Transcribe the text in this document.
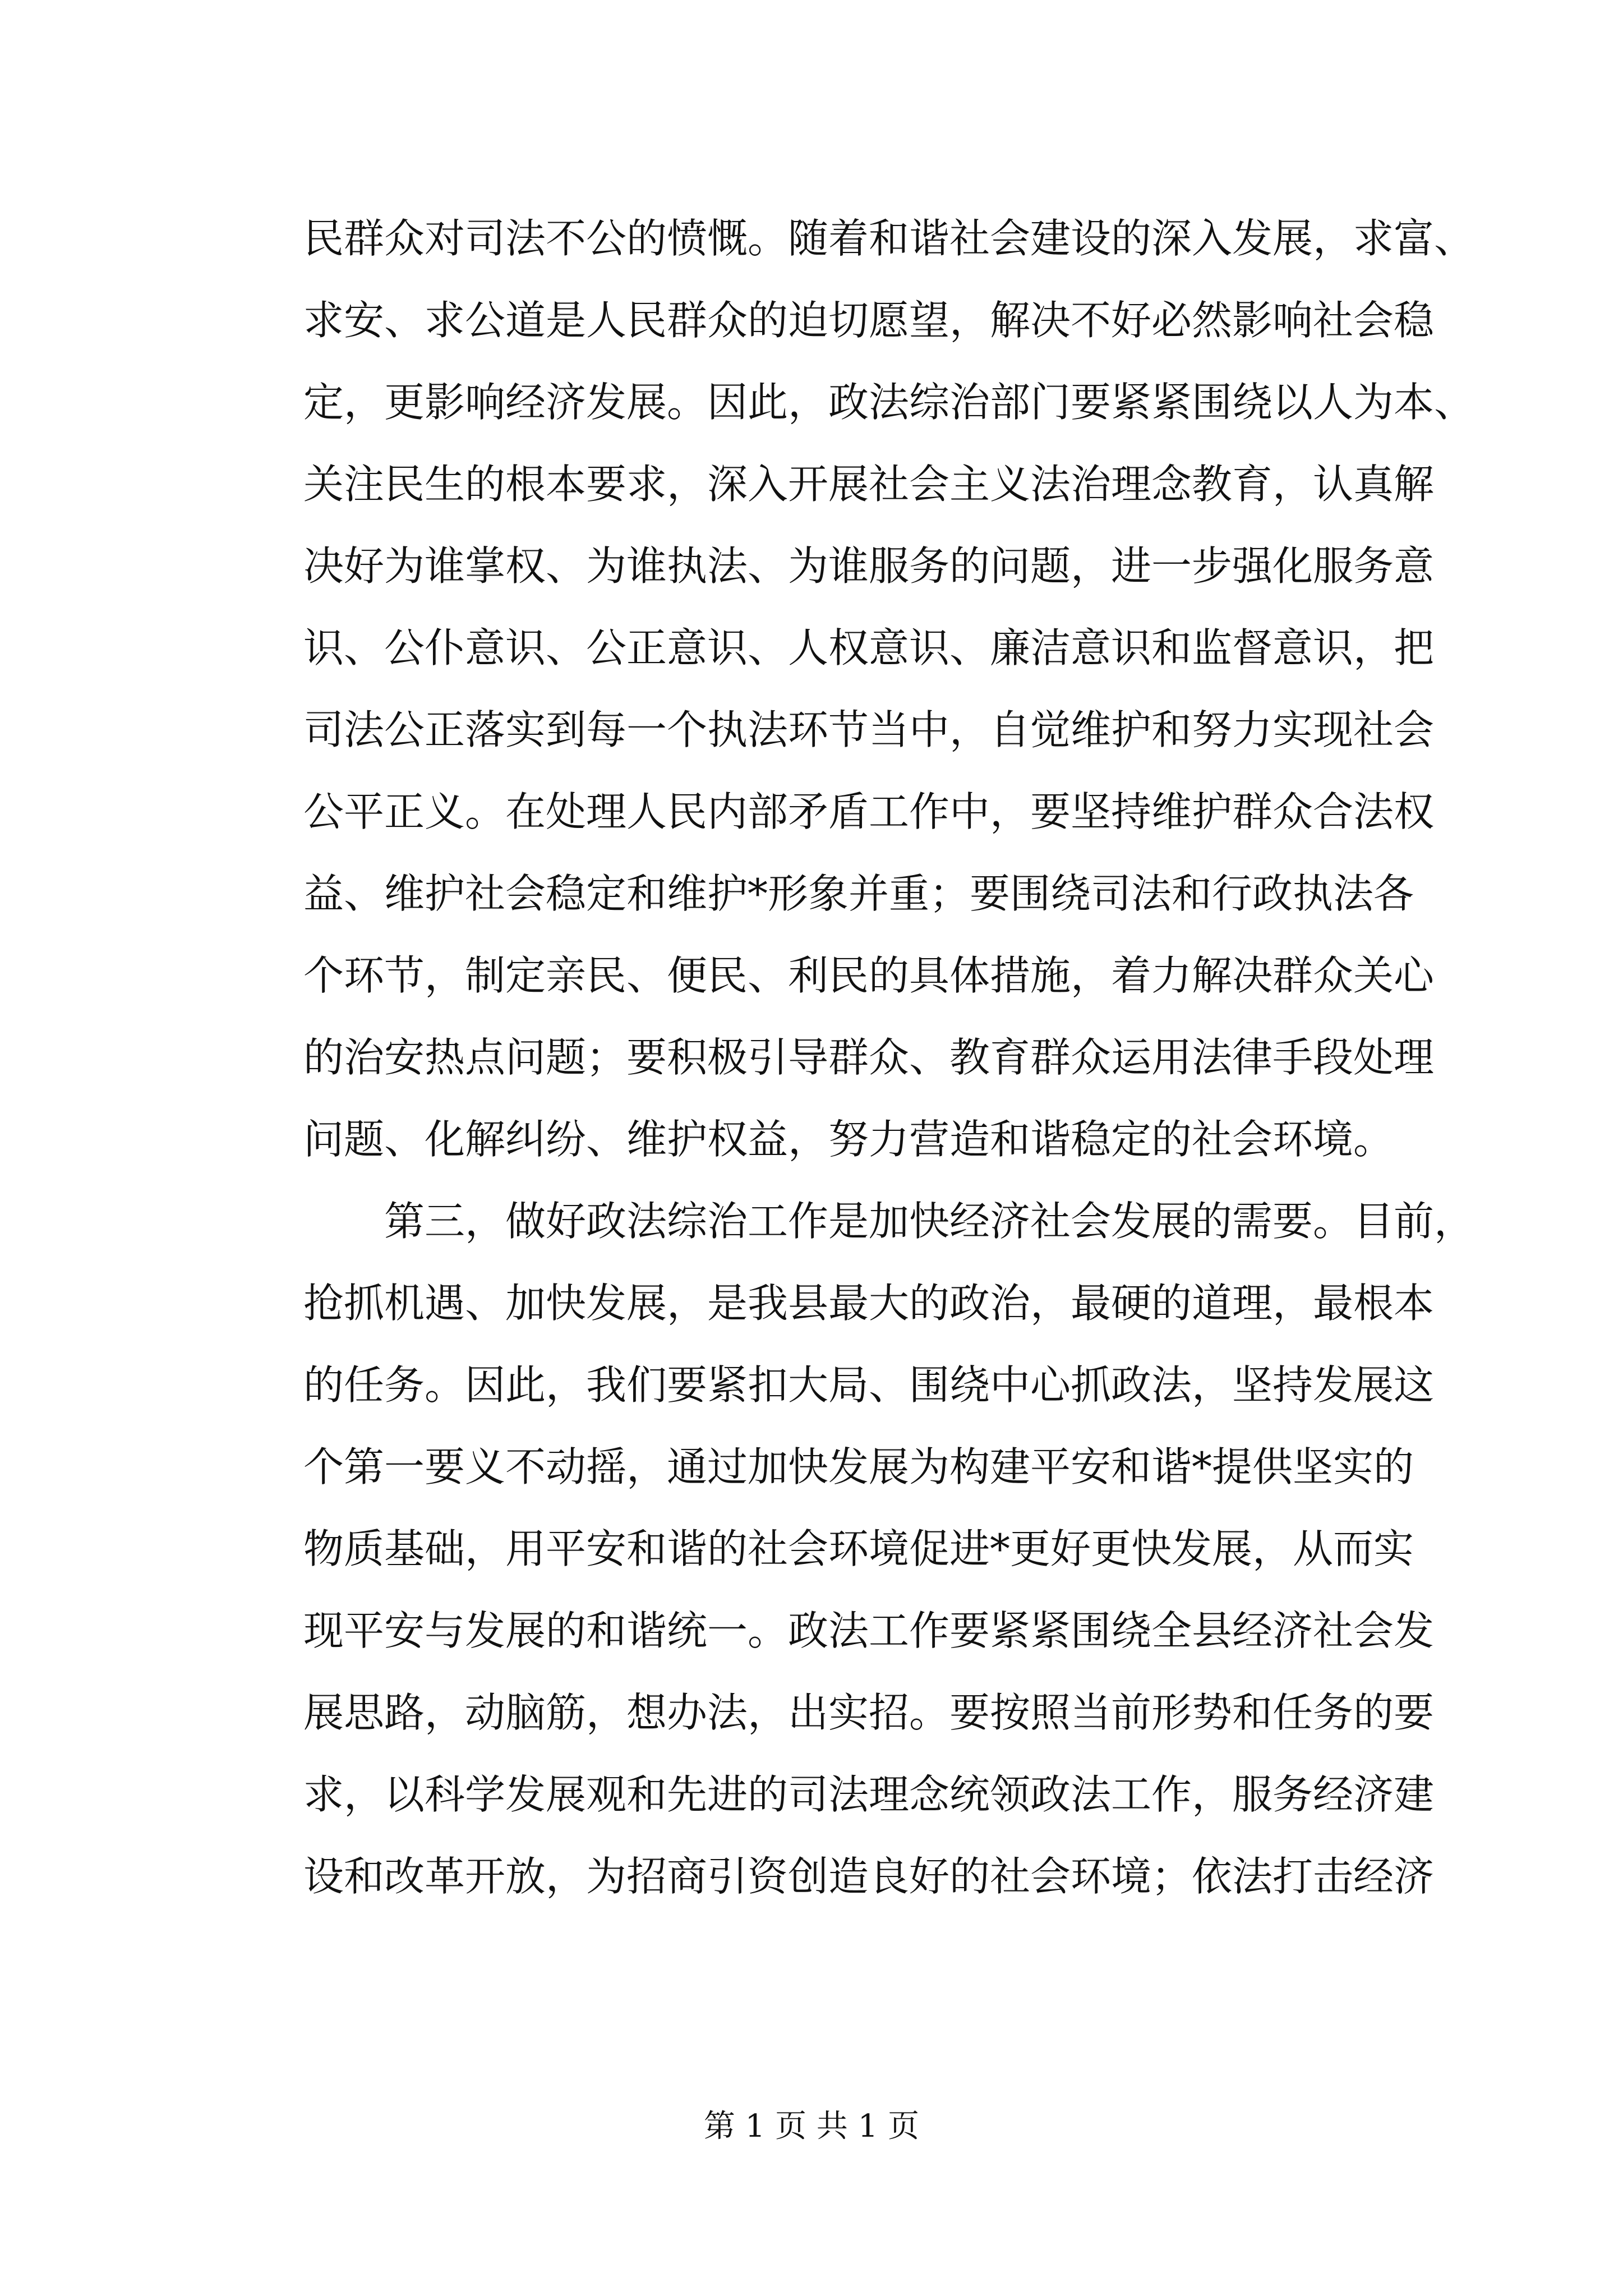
民群众对司法不公的愤慨。随着和谐社会建设的深入发展，求富、
求安、求公道是人民群众的迫切愿望，解决不好必然影响社会稳
定，更影响经济发展。因此，政法综治部门要紧紧围绕以人为本、
关注民生的根本要求，深入开展社会主义法治理念教育，认真解
决好为谁掌权、为谁执法、为谁服务的问题，进一步强化服务意
识、公仆意识、公正意识、人权意识、廉洁意识和监督意识，把
司法公正落实到每一个执法环节当中，自觉维护和努力实现社会
公平正义。在处理人民内部矛盾工作中，要坚持维护群众合法权
益、维护社会稳定和维护*形象并重；要围绕司法和行政执法各
个环节，制定亲民、便民、利民的具体措施，着力解决群众关心
的治安热点问题；要积极引导群众、教育群众运用法律手段处理
问题、化解纠纷、维护权益，努力营造和谐稳定的社会环境。
第三，做好政法综治工作是加快经济社会发展的需要。目前，
抢抓机遇、加快发展，是我县最大的政治，最硬的道理，最根本
的任务。因此，我们要紧扣大局、围绕中心抓政法，坚持发展这
个第一要义不动摇，通过加快发展为构建平安和谐*提供坚实的
物质基础，用平安和谐的社会环境促进*更好更快发展，从而实
现平安与发展的和谐统一。政法工作要紧紧围绕全县经济社会发
展思路，动脑筋，想办法，出实招。要按照当前形势和任务的要
求，以科学发展观和先进的司法理念统领政法工作，服务经济建
设和改革开放，为招商引资创造良好的社会环境；依法打击经济
第 1 页 共 1 页
